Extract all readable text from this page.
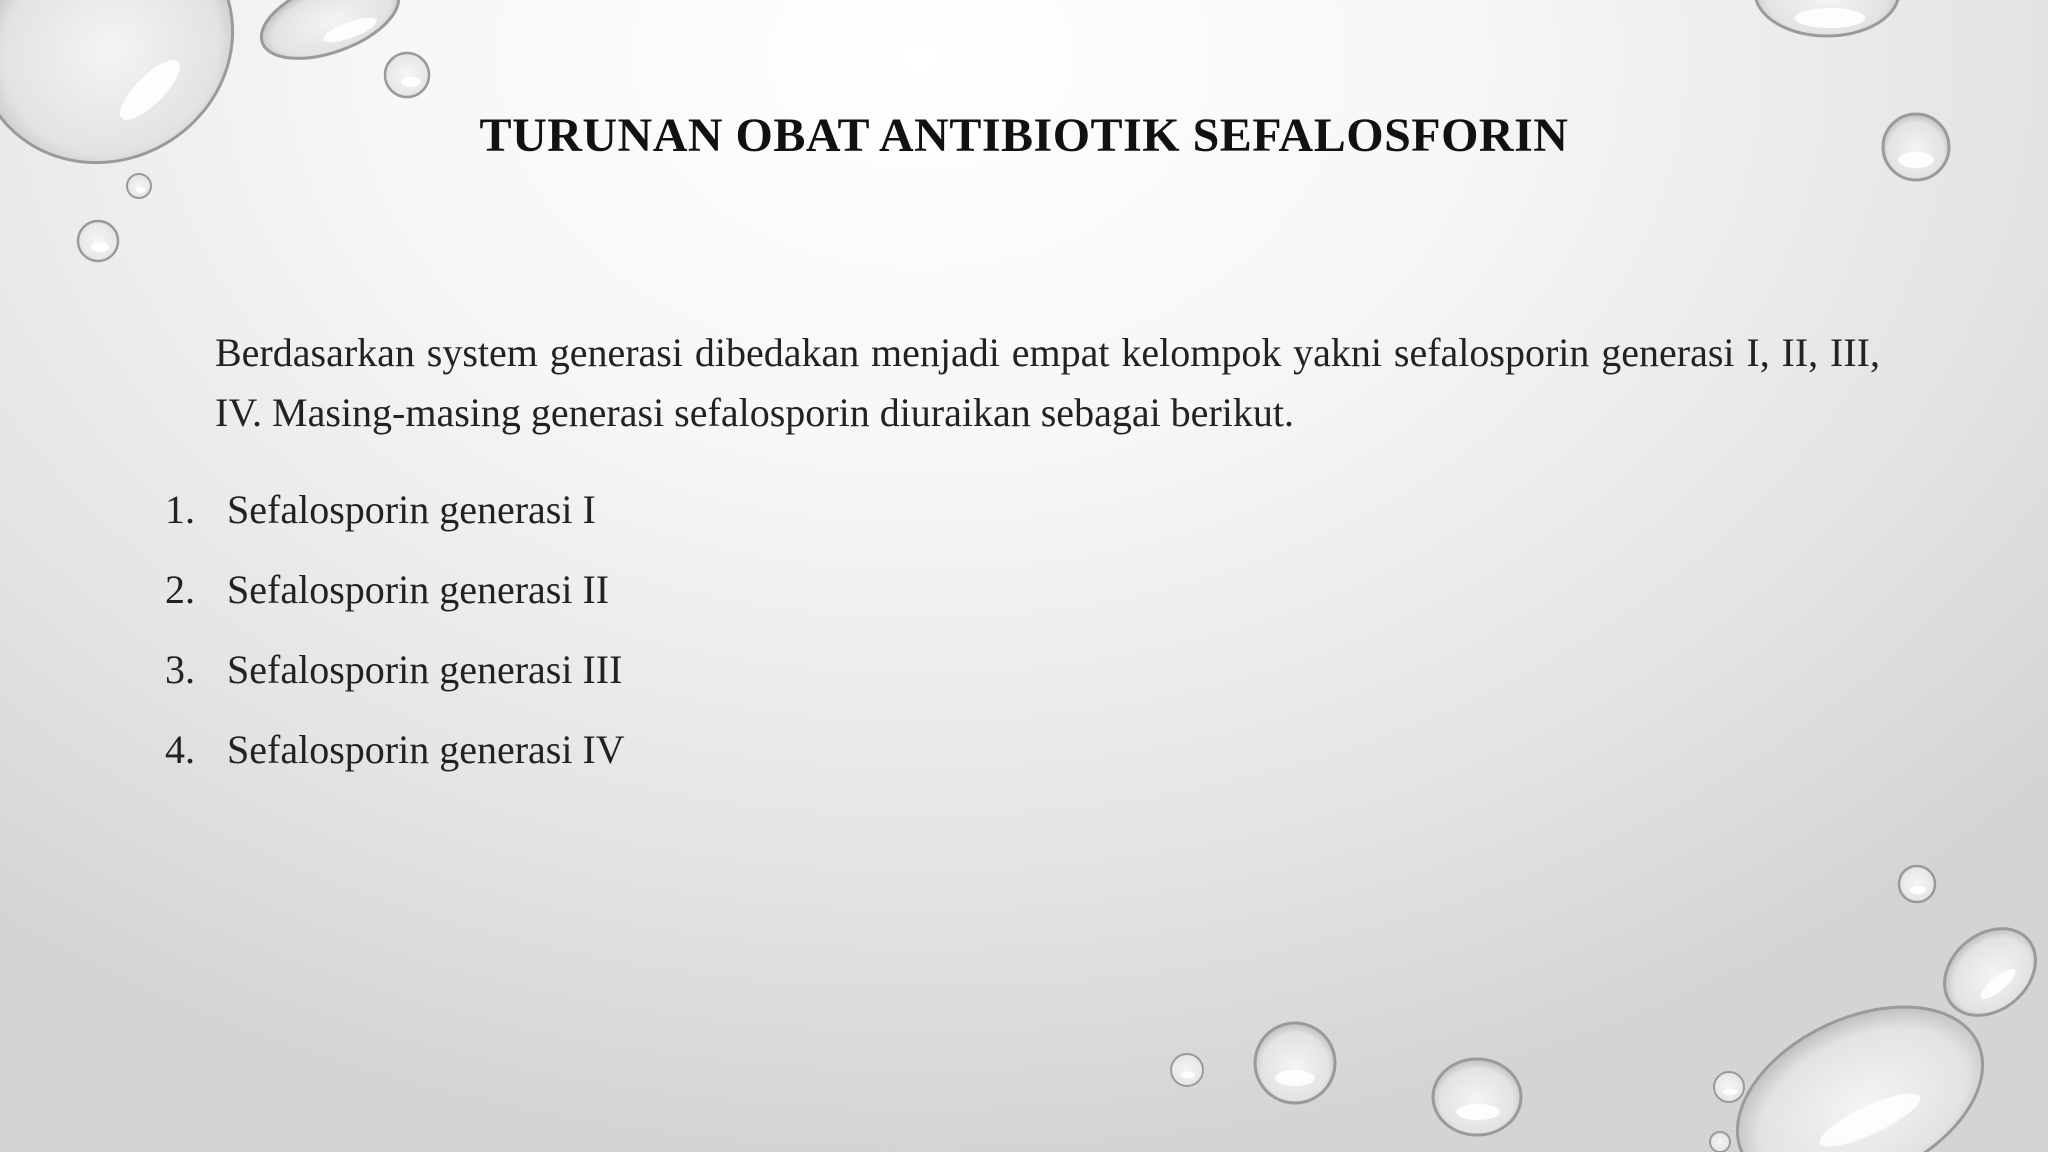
TURUNAN OBAT ANTIBIOTIK SEFALOSFORIN

Berdasarkan system generasi dibedakan menjadi empat kelompok yakni sefalosporin generasi I, II, III, IV. Masing-masing generasi sefalosporin diuraikan sebagai berikut.

1. Sefalosporin generasi I
2. Sefalosporin generasi II
3. Sefalosporin generasi III
4. Sefalosporin generasi IV
